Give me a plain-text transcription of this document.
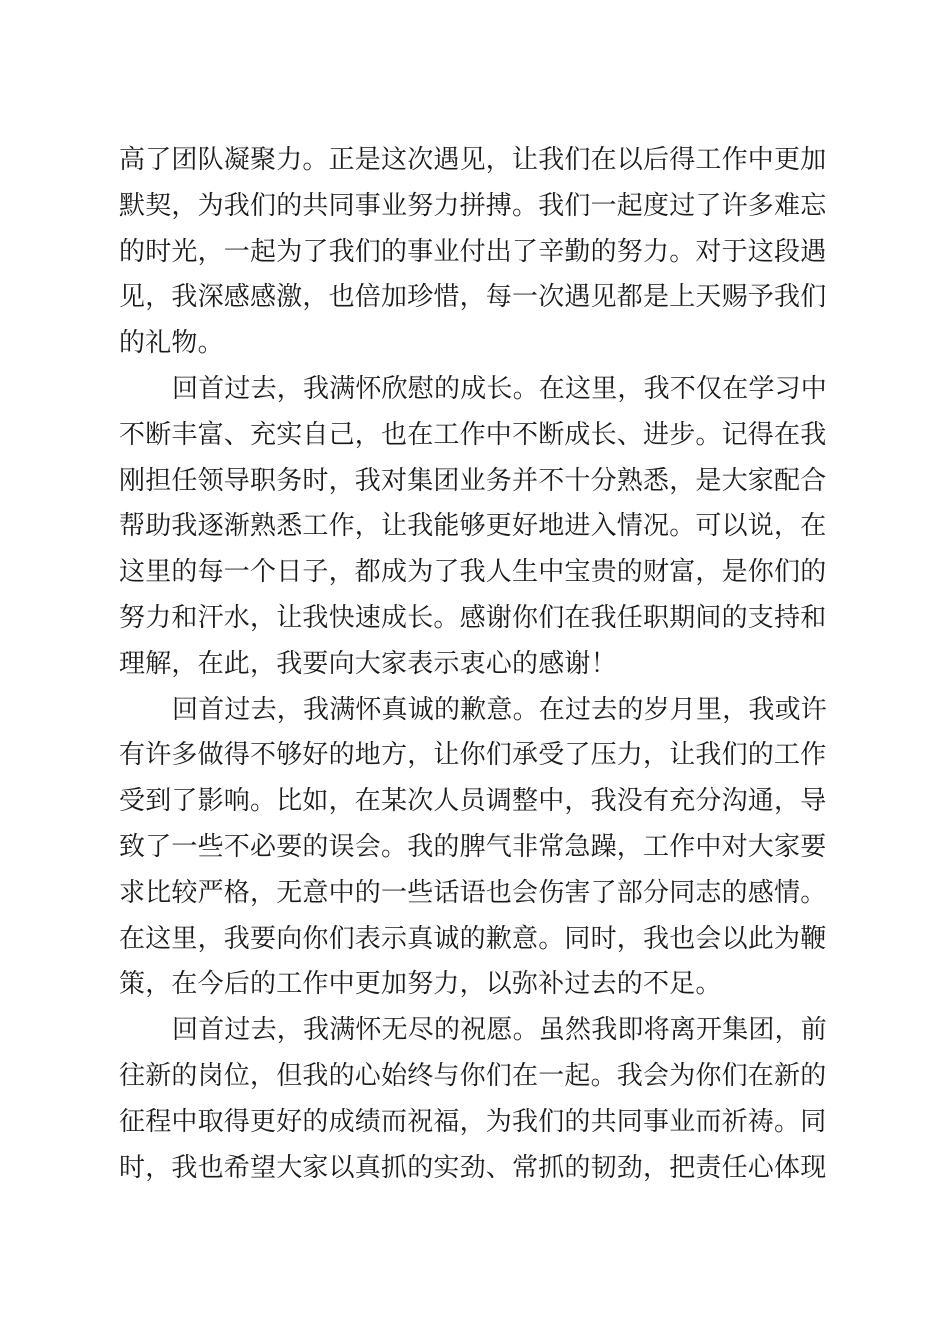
高了团队凝聚力。正是这次遇见，让我们在以后得工作中更加
默契，为我们的共同事业努力拼搏。我们一起度过了许多难忘
的时光，一起为了我们的事业付出了辛勤的努力。对于这段遇
见，我深感感激，也倍加珍惜，每一次遇见都是上天赐予我们
的礼物。
回首过去，我满怀欣慰的成长。在这里，我不仅在学习中
不断丰富、充实自己，也在工作中不断成长、进步。记得在我
刚担任领导职务时，我对集团业务并不十分熟悉，是大家配合
帮助我逐渐熟悉工作，让我能够更好地进入情况。可以说，在
这里的每一个日子，都成为了我人生中宝贵的财富，是你们的
努力和汗水，让我快速成长。感谢你们在我任职期间的支持和
理解，在此，我要向大家表示衷心的感谢！
回首过去，我满怀真诚的歉意。在过去的岁月里，我或许
有许多做得不够好的地方，让你们承受了压力，让我们的工作
受到了影响。比如，在某次人员调整中，我没有充分沟通，导
致了一些不必要的误会。我的脾气非常急躁，工作中对大家要
求比较严格，无意中的一些话语也会伤害了部分同志的感情。
在这里，我要向你们表示真诚的歉意。同时，我也会以此为鞭
策，在今后的工作中更加努力，以弥补过去的不足。
回首过去，我满怀无尽的祝愿。虽然我即将离开集团，前
往新的岗位，但我的心始终与你们在一起。我会为你们在新的
征程中取得更好的成绩而祝福，为我们的共同事业而祈祷。同
时，我也希望大家以真抓的实劲、常抓的韧劲，把责任心体现
